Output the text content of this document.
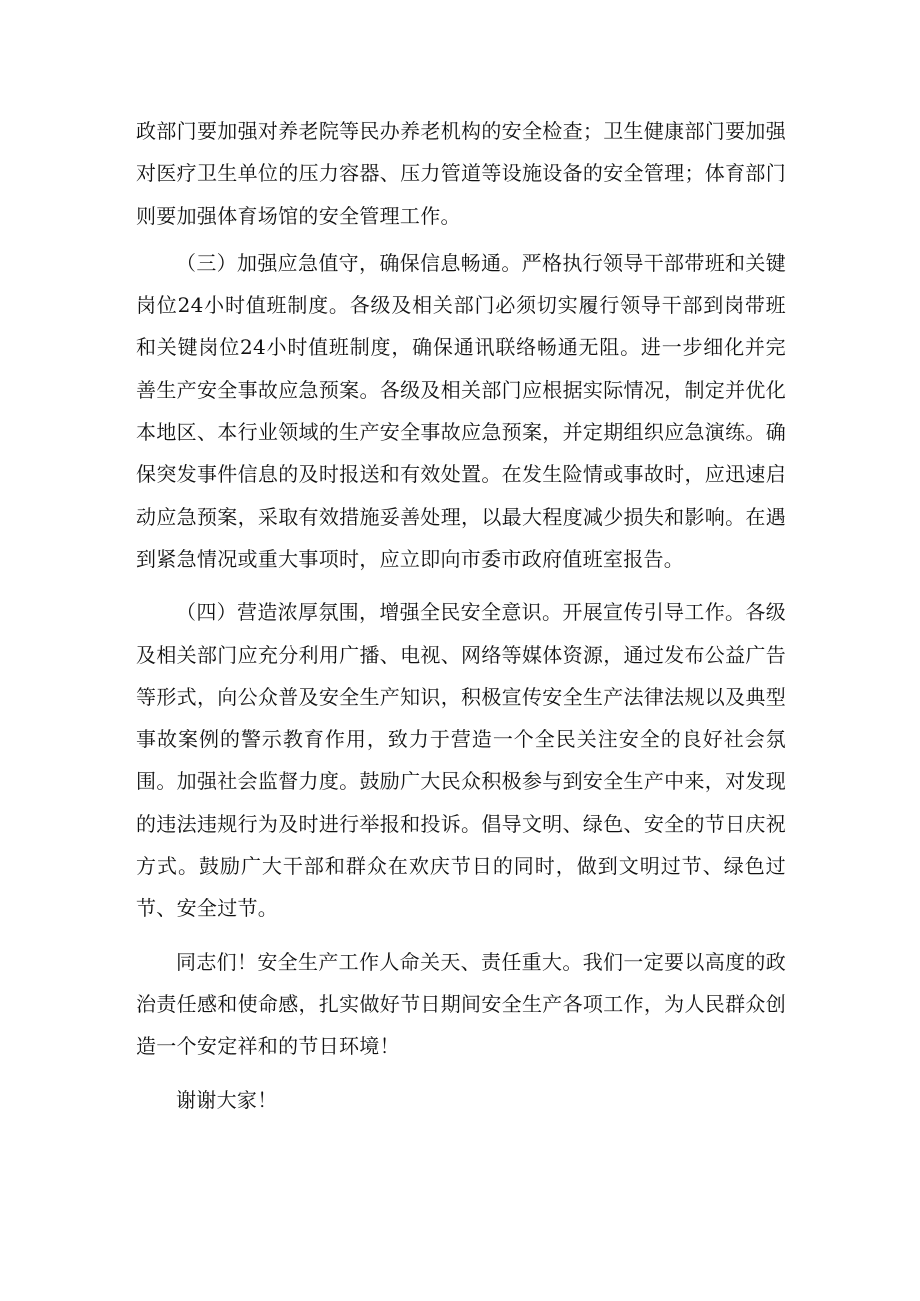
政部门要加强对养老院等民办养老机构的安全检查；卫生健康部门要加强对医疗卫生单位的压力容器、压力管道等设施设备的安全管理；体育部门则要加强体育场馆的安全管理工作。

（三）加强应急值守，确保信息畅通。严格执行领导干部带班和关键岗位24小时值班制度。各级及相关部门必须切实履行领导干部到岗带班和关键岗位24小时值班制度，确保通讯联络畅通无阻。进一步细化并完善生产安全事故应急预案。各级及相关部门应根据实际情况，制定并优化本地区、本行业领域的生产安全事故应急预案，并定期组织应急演练。确保突发事件信息的及时报送和有效处置。在发生险情或事故时，应迅速启动应急预案，采取有效措施妥善处理，以最大程度减少损失和影响。在遇到紧急情况或重大事项时，应立即向市委市政府值班室报告。

（四）营造浓厚氛围，增强全民安全意识。开展宣传引导工作。各级及相关部门应充分利用广播、电视、网络等媒体资源，通过发布公益广告等形式，向公众普及安全生产知识，积极宣传安全生产法律法规以及典型事故案例的警示教育作用，致力于营造一个全民关注安全的良好社会氛围。加强社会监督力度。鼓励广大民众积极参与到安全生产中来，对发现的违法违规行为及时进行举报和投诉。倡导文明、绿色、安全的节日庆祝方式。鼓励广大干部和群众在欢庆节日的同时，做到文明过节、绿色过节、安全过节。

同志们！安全生产工作人命关天、责任重大。我们一定要以高度的政治责任感和使命感，扎实做好节日期间安全生产各项工作，为人民群众创造一个安定祥和的节日环境！

谢谢大家！
